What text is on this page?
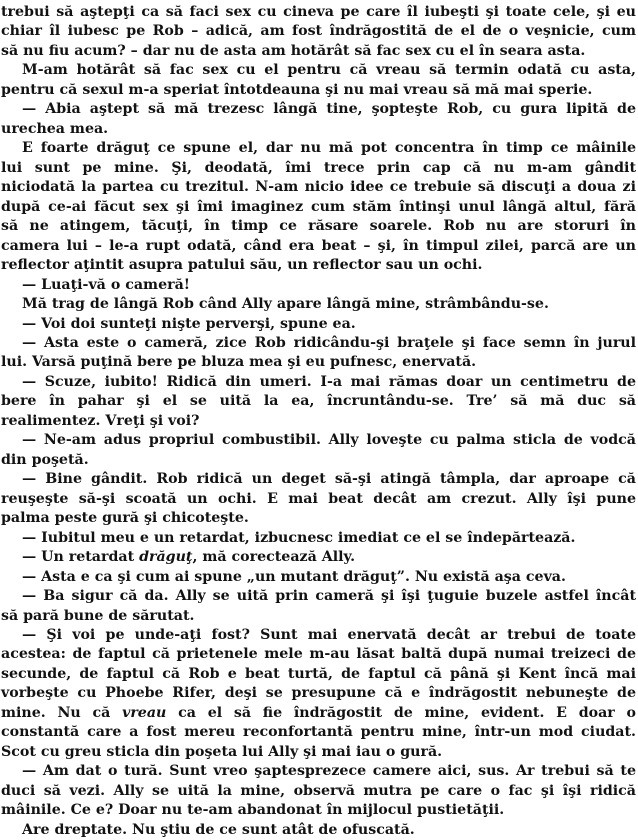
trebui să aştepţi ca să faci sex cu cineva pe care îl iubeşti şi toate cele, şi eu
chiar îl iubesc pe Rob – adică, am fost îndrăgostită de el de o veşnicie, cum
să nu fiu acum? – dar nu de asta am hotărât să fac sex cu el în seara asta.
M-am hotărât să fac sex cu el pentru că vreau să termin odată cu asta,
pentru că sexul m-a speriat întotdeauna şi nu mai vreau să mă mai sperie.
— Abia aştept să mă trezesc lângă tine, şopteşte Rob, cu gura lipită de
urechea mea.
E foarte drăguţ ce spune el, dar nu mă pot concentra în timp ce mâinile
lui sunt pe mine. Şi, deodată, îmi trece prin cap că nu m-am gândit
niciodată la partea cu trezitul. N-am nicio idee ce trebuie să discuţi a doua zi
după ce-ai făcut sex şi îmi imaginez cum stăm întinşi unul lângă altul, fără
să ne atingem, tăcuţi, în timp ce răsare soarele. Rob nu are storuri în
camera lui – le-a rupt odată, când era beat – şi, în timpul zilei, parcă are un
reflector aţintit asupra patului său, un reflector sau un ochi.
— Luaţi-vă o cameră!
Mă trag de lângă Rob când Ally apare lângă mine, strâmbându-se.
— Voi doi sunteţi nişte perverşi, spune ea.
— Asta este o cameră, zice Rob ridicându-şi braţele şi face semn în jurul
lui. Varsă puţină bere pe bluza mea şi eu pufnesc, enervată.
— Scuze, iubito! Ridică din umeri. I-a mai rămas doar un centimetru de
bere în pahar şi el se uită la ea, încruntându-se. Tre’ să mă duc să
realimentez. Vreţi şi voi?
— Ne-am adus propriul combustibil. Ally loveşte cu palma sticla de vodcă
din poşetă.
— Bine gândit. Rob ridică un deget să-şi atingă tâmpla, dar aproape că
reuşeşte să-şi scoată un ochi. E mai beat decât am crezut. Ally îşi pune
palma peste gură şi chicoteşte.
— Iubitul meu e un retardat, izbucnesc imediat ce el se îndepărtează.
— Un retardat drăguţ, mă corectează Ally.
— Asta e ca şi cum ai spune „un mutant drăguţ”. Nu există aşa ceva.
— Ba sigur că da. Ally se uită prin cameră şi îşi ţuguie buzele astfel încât
să pară bune de sărutat.
— Şi voi pe unde-aţi fost? Sunt mai enervată decât ar trebui de toate
acestea: de faptul că prietenele mele m-au lăsat baltă după numai treizeci de
secunde, de faptul că Rob e beat turtă, de faptul că până şi Kent încă mai
vorbeşte cu Phoebe Rifer, deşi se presupune că e îndrăgostit nebuneşte de
mine. Nu că vreau ca el să fie îndrăgostit de mine, evident. E doar o
constantă care a fost mereu reconfortantă pentru mine, într-un mod ciudat.
Scot cu greu sticla din poşeta lui Ally şi mai iau o gură.
— Am dat o tură. Sunt vreo şaptesprezece camere aici, sus. Ar trebui să te
duci să vezi. Ally se uită la mine, observă mutra pe care o fac şi îşi ridică
mâinile. Ce e? Doar nu te-am abandonat în mijlocul pustietăţii.
Are dreptate. Nu ştiu de ce sunt atât de ofuscată.
